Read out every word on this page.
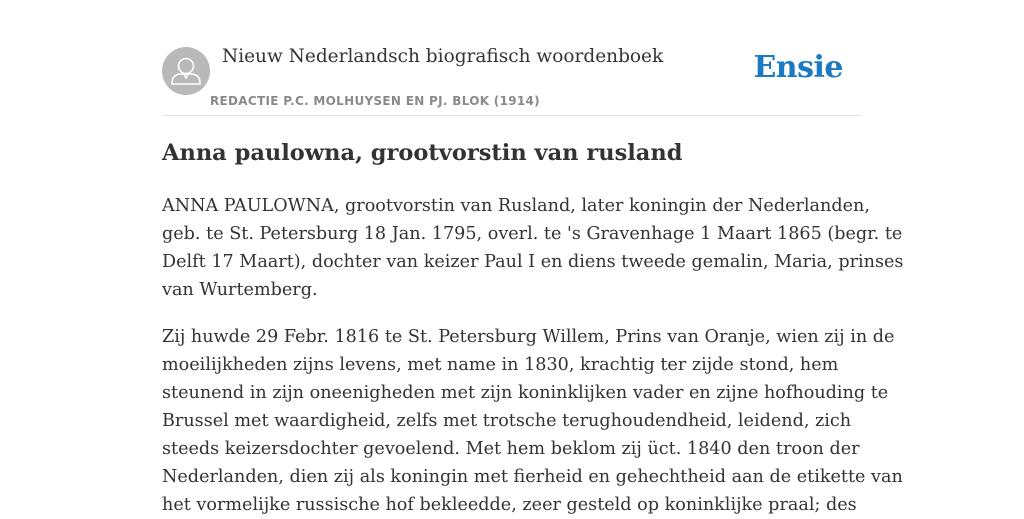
Nieuw Nederlandsch biografisch woordenboek
REDACTIE P.C. MOLHUYSEN EN PJ. BLOK (1914)
Ensie
Anna paulowna, grootvorstin van rusland

ANNA PAULOWNA, grootvorstin van Rusland, later koningin der Nederlanden,
geb. te St. Petersburg 18 Jan. 1795, overl. te 's Gravenhage 1 Maart 1865 (begr. te
Delft 17 Maart), dochter van keizer Paul I en diens tweede gemalin, Maria, prinses
van Wurtemberg.

Zij huwde 29 Febr. 1816 te St. Petersburg Willem, Prins van Oranje, wien zij in de
moeilijkheden zijns levens, met name in 1830, krachtig ter zijde stond, hem
steunend in zijn oneenigheden met zijn koninklijken vader en zijne hofhouding te
Brussel met waardigheid, zelfs met trotsche terughoudendheid, leidend, zich
steeds keizersdochter gevoelend. Met hem beklom zij üct. 1840 den troon der
Nederlanden, dien zij als koningin met fierheid en gehechtheid aan de etikette van
het vormelijke russische hof bekleedde, zeer gesteld op koninklijke praal; des
